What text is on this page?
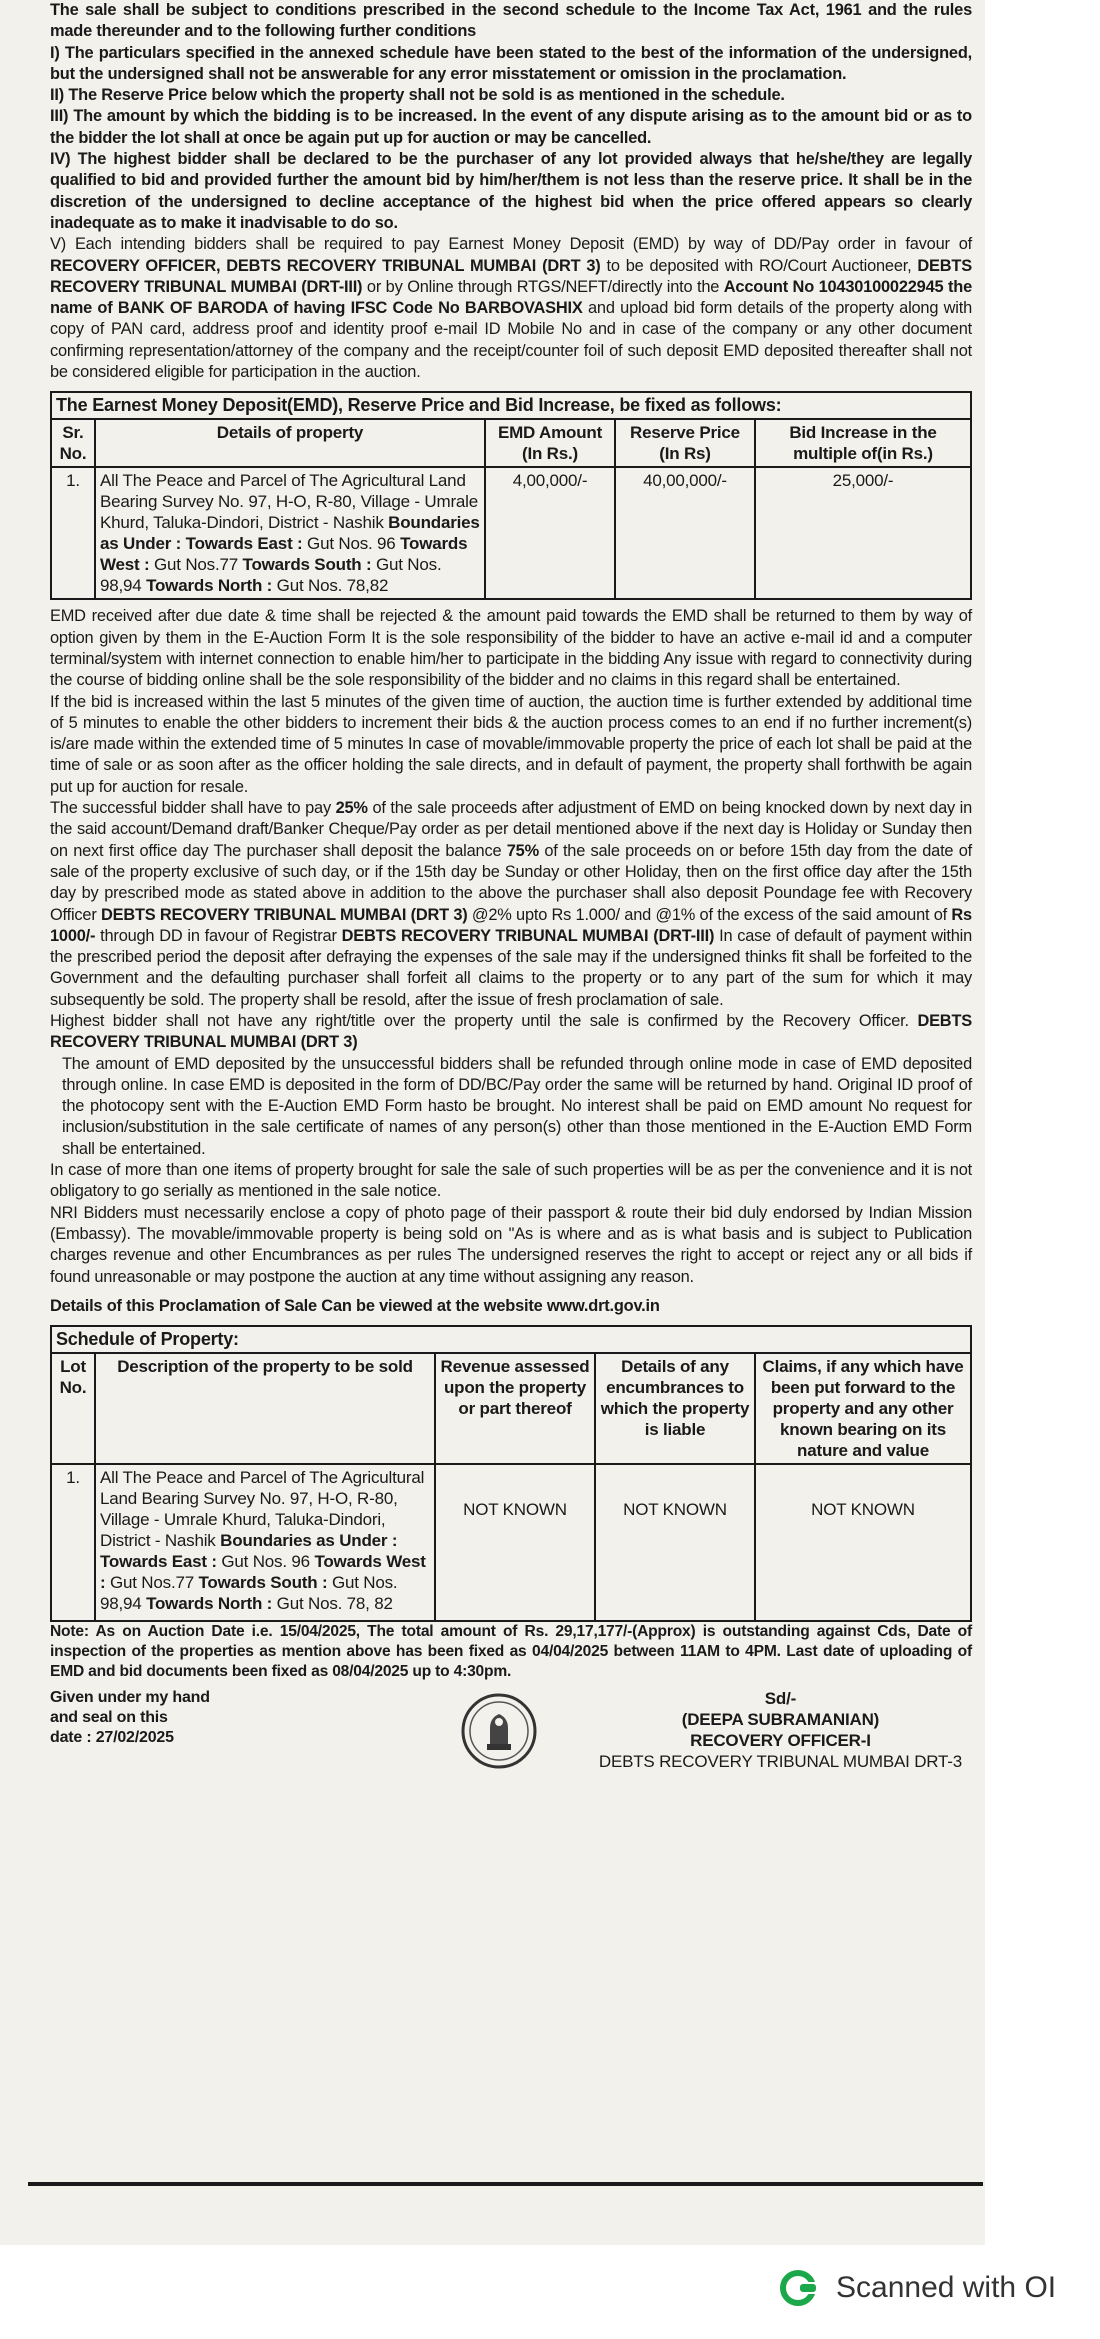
The sale shall be subject to conditions prescribed in the second schedule to the Income Tax Act, 1961 and the rules made thereunder and to the following further conditions

I) The particulars specified in the annexed schedule have been stated to the best of the information of the undersigned, but the undersigned shall not be answerable for any error misstatement or omission in the proclamation.

II) The Reserve Price below which the property shall not be sold is as mentioned in the schedule.

III) The amount by which the bidding is to be increased. In the event of any dispute arising as to the amount bid or as to the bidder the lot shall at once be again put up for auction or may be cancelled.

IV) The highest bidder shall be declared to be the purchaser of any lot provided always that he/she/they are legally qualified to bid and provided further the amount bid by him/her/them is not less than the reserve price. It shall be in the discretion of the undersigned to decline acceptance of the highest bid when the price offered appears so clearly inadequate as to make it inadvisable to do so.

V) Each intending bidders shall be required to pay Earnest Money Deposit (EMD) by way of DD/Pay order in favour of RECOVERY OFFICER, DEBTS RECOVERY TRIBUNAL MUMBAI (DRT 3) to be deposited with RO/Court Auctioneer, DEBTS RECOVERY TRIBUNAL MUMBAI (DRT-III) or by Online through RTGS/NEFT/directly into the Account No 10430100022945 the name of BANK OF BARODA of having IFSC Code No BARBOVASHIX and upload bid form details of the property along with copy of PAN card, address proof and identity proof e-mail ID Mobile No and in case of the company or any other document confirming representation/attorney of the company and the receipt/counter foil of such deposit EMD deposited thereafter shall not be considered eligible for participation in the auction.

The Earnest Money Deposit(EMD), Reserve Price and Bid Increase, be fixed as follows:				
Sr. No.	Details of property	EMD Amount (In Rs.)	Reserve Price (In Rs)	Bid Increase in the multiple of(in Rs.)
1.	All The Peace and Parcel of The Agricultural Land Bearing Survey No. 97, H-O, R-80, Village - Umrale Khurd, Taluka-Dindori, District - Nashik Boundaries as Under : Towards East : Gut Nos. 96 Towards West : Gut Nos.77 Towards South : Gut Nos. 98,94 Towards North : Gut Nos. 78,82	4,00,000/-	40,00,000/-	25,000/-

EMD received after due date & time shall be rejected & the amount paid towards the EMD shall be returned to them by way of option given by them in the E-Auction Form It is the sole responsibility of the bidder to have an active e-mail id and a computer terminal/system with internet connection to enable him/her to participate in the bidding Any issue with regard to connectivity during the course of bidding online shall be the sole responsibility of the bidder and no claims in this regard shall be entertained.

If the bid is increased within the last 5 minutes of the given time of auction, the auction time is further extended by additional time of 5 minutes to enable the other bidders to increment their bids & the auction process comes to an end if no further increment(s) is/are made within the extended time of 5 minutes In case of movable/immovable property the price of each lot shall be paid at the time of sale or as soon after as the officer holding the sale directs, and in default of payment, the property shall forthwith be again put up for auction for resale.

The successful bidder shall have to pay 25% of the sale proceeds after adjustment of EMD on being knocked down by next day in the said account/Demand draft/Banker Cheque/Pay order as per detail mentioned above if the next day is Holiday or Sunday then on next first office day The purchaser shall deposit the balance 75% of the sale proceeds on or before 15th day from the date of sale of the property exclusive of such day, or if the 15th day be Sunday or other Holiday, then on the first office day after the 15th day by prescribed mode as stated above in addition to the above the purchaser shall also deposit Poundage fee with Recovery Officer DEBTS RECOVERY TRIBUNAL MUMBAI (DRT 3) @2% upto Rs 1.000/ and @1% of the excess of the said amount of Rs 1000/- through DD in favour of Registrar DEBTS RECOVERY TRIBUNAL MUMBAI (DRT-III) In case of default of payment within the prescribed period the deposit after defraying the expenses of the sale may if the undersigned thinks fit shall be forfeited to the Government and the defaulting purchaser shall forfeit all claims to the property or to any part of the sum for which it may subsequently be sold. The property shall be resold, after the issue of fresh proclamation of sale.

Highest bidder shall not have any right/title over the property until the sale is confirmed by the Recovery Officer. DEBTS RECOVERY TRIBUNAL MUMBAI (DRT 3)

The amount of EMD deposited by the unsuccessful bidders shall be refunded through online mode in case of EMD deposited through online. In case EMD is deposited in the form of DD/BC/Pay order the same will be returned by hand. Original ID proof of the photocopy sent with the E-Auction EMD Form hasto be brought. No interest shall be paid on EMD amount No request for inclusion/substitution in the sale certificate of names of any person(s) other than those mentioned in the E-Auction EMD Form shall be entertained.

In case of more than one items of property brought for sale the sale of such properties will be as per the convenience and it is not obligatory to go serially as mentioned in the sale notice.

NRI Bidders must necessarily enclose a copy of photo page of their passport & route their bid duly endorsed by Indian Mission (Embassy). The movable/immovable property is being sold on "As is where and as is what basis and is subject to Publication charges revenue and other Encumbrances as per rules The undersigned reserves the right to accept or reject any or all bids if found unreasonable or may postpone the auction at any time without assigning any reason.

Details of this Proclamation of Sale Can be viewed at the website www.drt.gov.in

Schedule of Property:				
Lot No.	Description of the property to be sold	Revenue assessed upon the property or part thereof	Details of any encumbrances to which the property is liable	Claims, if any which have been put forward to the property and any other known bearing on its nature and value
1.	All The Peace and Parcel of The Agricultural Land Bearing Survey No. 97, H-O, R-80, Village - Umrale Khurd, Taluka-Dindori, District - Nashik Boundaries as Under : Towards East : Gut Nos. 96 Towards West : Gut Nos.77 Towards South : Gut Nos. 98,94 Towards North : Gut Nos. 78, 82	NOT KNOWN	NOT KNOWN	NOT KNOWN

Note: As on Auction Date i.e. 15/04/2025, The total amount of Rs. 29,17,177/-(Approx) is outstanding against Cds, Date of inspection of the properties as mention above has been fixed as 04/04/2025 between 11AM to 4PM. Last date of uploading of EMD and bid documents been fixed as 08/04/2025 up to 4:30pm.

Given under my hand
and seal on this
date : 27/02/2025
Sd/-
(DEEPA SUBRAMANIAN)
RECOVERY OFFICER-I
DEBTS RECOVERY TRIBUNAL MUMBAI DRT-3
Scanned with OI
